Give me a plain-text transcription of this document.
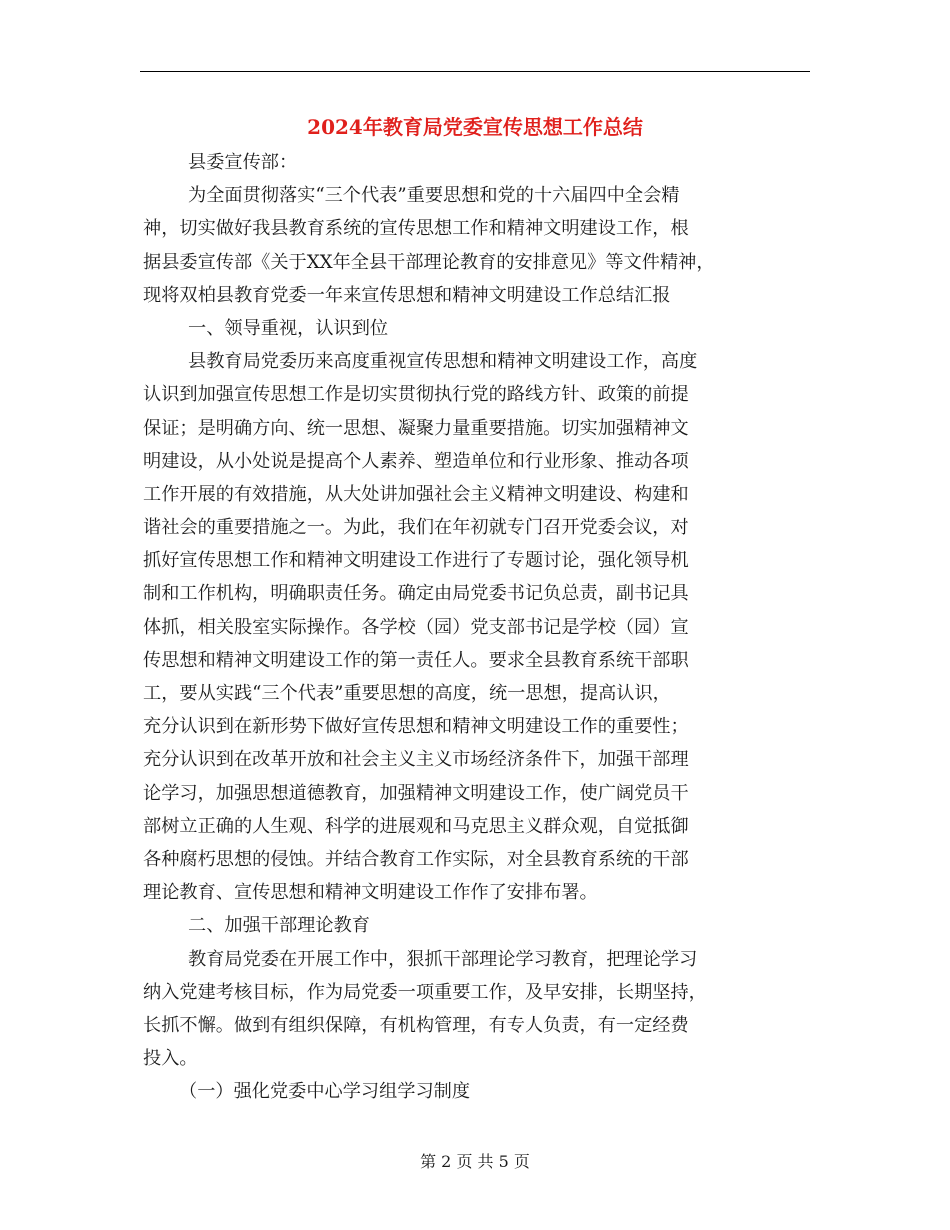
2024年教育局党委宣传思想工作总结
县委宣传部：
为全面贯彻落实“三个代表”重要思想和党的十六届四中全会精
神，切实做好我县教育系统的宣传思想工作和精神文明建设工作，根
据县委宣传部《关于XX年全县干部理论教育的安排意见》等文件精神，
现将双柏县教育党委一年来宣传思想和精神文明建设工作总结汇报
一、领导重视，认识到位
县教育局党委历来高度重视宣传思想和精神文明建设工作，高度
认识到加强宣传思想工作是切实贯彻执行党的路线方针、政策的前提
保证；是明确方向、统一思想、凝聚力量重要措施。切实加强精神文
明建设，从小处说是提高个人素养、塑造单位和行业形象、推动各项
工作开展的有效措施，从大处讲加强社会主义精神文明建设、构建和
谐社会的重要措施之一。为此，我们在年初就专门召开党委会议，对
抓好宣传思想工作和精神文明建设工作进行了专题讨论，强化领导机
制和工作机构，明确职责任务。确定由局党委书记负总责，副书记具
体抓，相关股室实际操作。各学校（园）党支部书记是学校（园）宣
传思想和精神文明建设工作的第一责任人。要求全县教育系统干部职
工，要从实践“三个代表”重要思想的高度，统一思想，提高认识，
充分认识到在新形势下做好宣传思想和精神文明建设工作的重要性；
充分认识到在改革开放和社会主义主义市场经济条件下，加强干部理
论学习，加强思想道德教育，加强精神文明建设工作，使广阔党员干
部树立正确的人生观、科学的进展观和马克思主义群众观，自觉抵御
各种腐朽思想的侵蚀。并结合教育工作实际，对全县教育系统的干部
理论教育、宣传思想和精神文明建设工作作了安排布署。
二、加强干部理论教育
教育局党委在开展工作中，狠抓干部理论学习教育，把理论学习
纳入党建考核目标，作为局党委一项重要工作，及早安排，长期坚持，
长抓不懈。做到有组织保障，有机构管理，有专人负责，有一定经费
投入。
（一）强化党委中心学习组学习制度
第 2 页 共 5 页
